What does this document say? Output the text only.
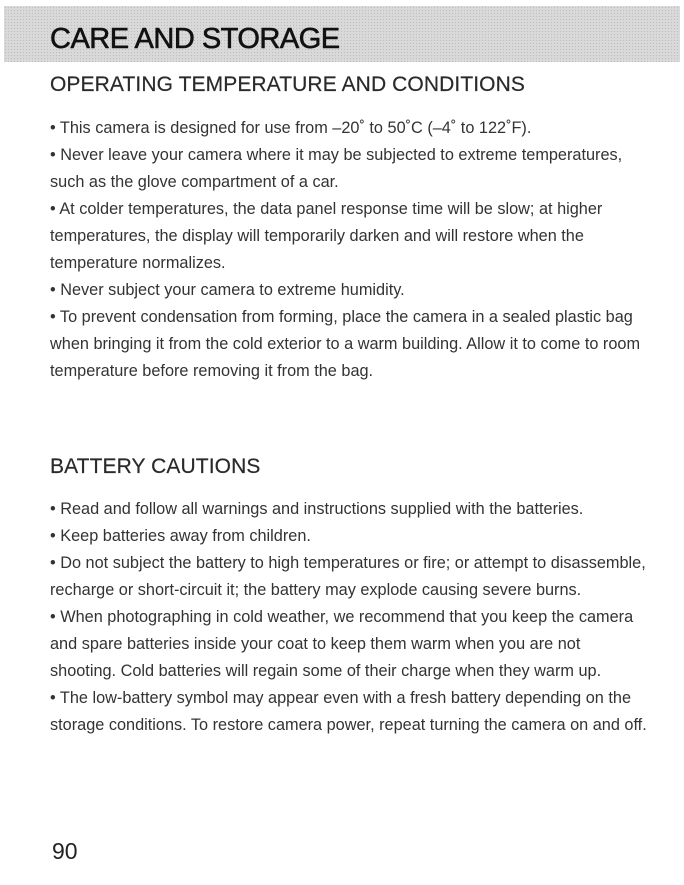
CARE AND STORAGE
OPERATING TEMPERATURE AND CONDITIONS

• This camera is designed for use from –20˚ to 50˚C (–4˚ to 122˚F).

• Never leave your camera where it may be subjected to extreme temperatures, such as the glove compartment of a car.

• At colder temperatures, the data panel response time will be slow; at higher temperatures, the display will temporarily darken and will restore when the temperature normalizes.

• Never subject your camera to extreme humidity.

• To prevent condensation from forming, place the camera in a sealed plastic bag when bringing it from the cold exterior to a warm building. Allow it to come to room temperature before removing it from the bag.

BATTERY CAUTIONS

• Read and follow all warnings and instructions supplied with the batteries.

• Keep batteries away from children.

• Do not subject the battery to high temperatures or fire; or attempt to disassemble, recharge or short-circuit it; the battery may explode causing severe burns.

• When photographing in cold weather, we recommend that you keep the camera and spare batteries inside your coat to keep them warm when you are not shooting. Cold batteries will regain some of their charge when they warm up.

• The low-battery symbol may appear even with a fresh battery depending on the storage conditions. To restore camera power, repeat turning the camera on and off.

90
